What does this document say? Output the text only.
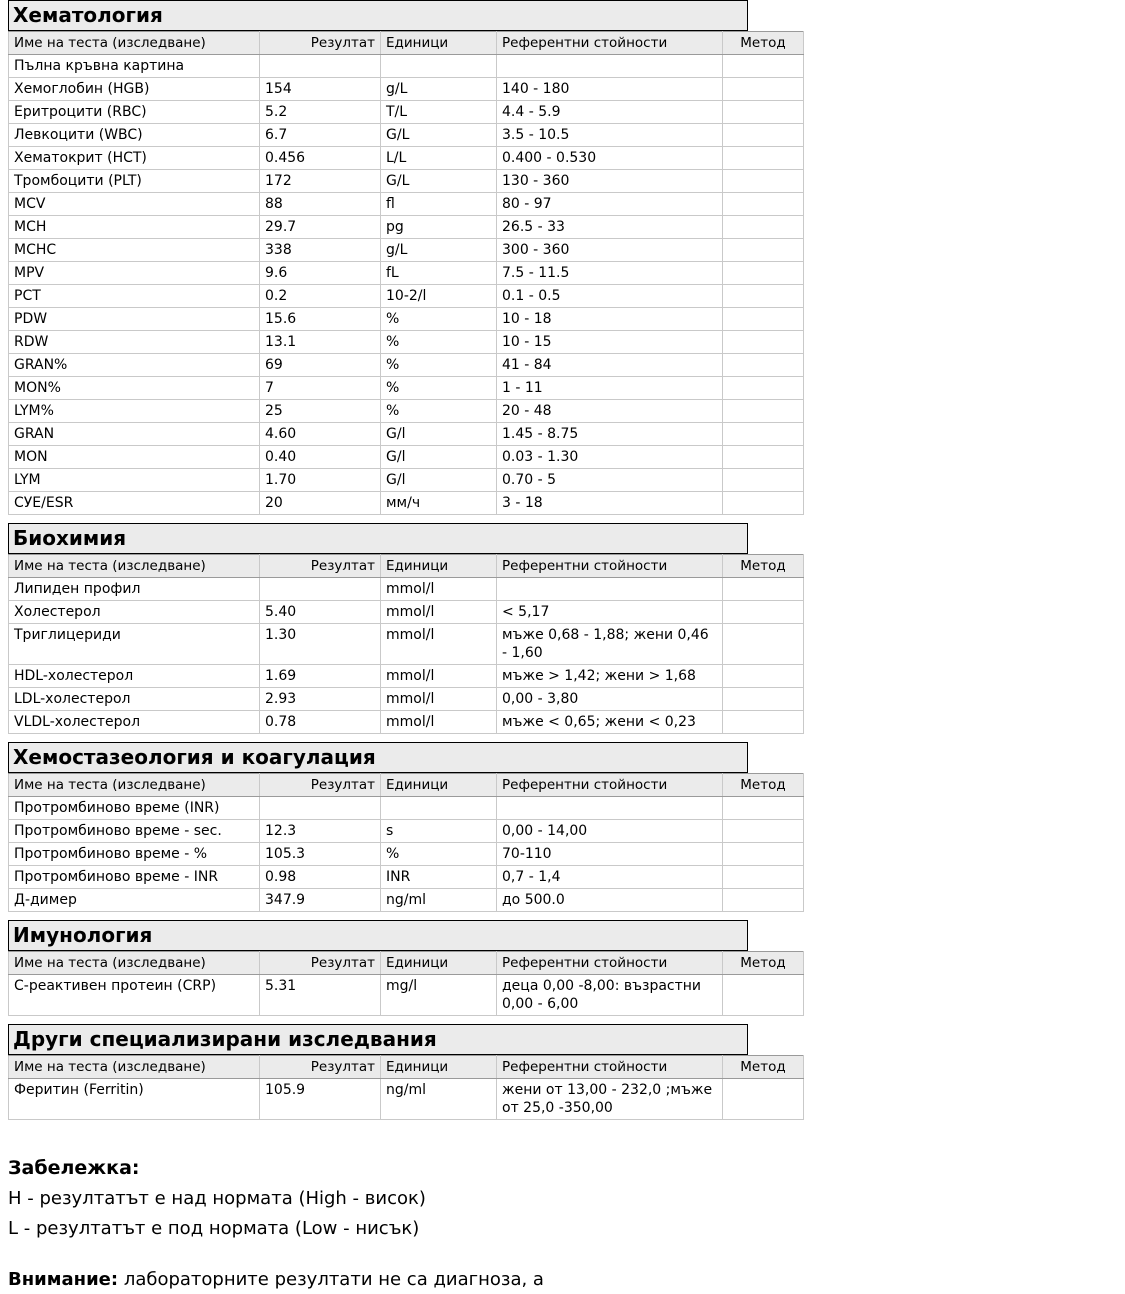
Хематология
Име на теста (изследване)	Резултат	Единици	Референтни стойности	Метод
Пълна кръвна картина				
Хемоглобин (HGB)	154	g/L	140 - 180	
Еритроцити (RBC)	5.2	T/L	4.4 - 5.9	
Левкоцити (WBC)	6.7	G/L	3.5 - 10.5	
Хематокрит (HCT)	0.456	L/L	0.400 - 0.530	
Тромбоцити (PLT)	172	G/L	130 - 360	
MCV	88	fl	80 - 97	
MCH	29.7	pg	26.5 - 33	
MCHC	338	g/L	300 - 360	
MPV	9.6	fL	7.5 - 11.5	
PCT	0.2	10-2/l	0.1 - 0.5	
PDW	15.6	%	10 - 18	
RDW	13.1	%	10 - 15	
GRAN%	69	%	41 - 84	
MON%	7	%	1 - 11	
LYM%	25	%	20 - 48	
GRAN	4.60	G/l	1.45 - 8.75	
MON	0.40	G/l	0.03 - 1.30	
LYM	1.70	G/l	0.70 - 5	
СУЕ/ESR	20	мм/ч	3 - 18	
Биохимия
Име на теста (изследване)	Резултат	Единици	Референтни стойности	Метод
Липиден профил		mmol/l		
Холестерол	5.40	mmol/l	< 5,17	
Триглицериди	1.30	mmol/l	мъже 0,68 - 1,88; жени 0,46 - 1,60	
HDL-холестерол	1.69	mmol/l	мъже > 1,42; жени > 1,68	
LDL-холестерол	2.93	mmol/l	0,00 - 3,80	
VLDL-холестерол	0.78	mmol/l	мъже < 0,65; жени < 0,23	
Хемостазеология и коагулация
Име на теста (изследване)	Резултат	Единици	Референтни стойности	Метод
Протромбиново време (INR)				
Протромбиново време - sec.	12.3	s	0,00 - 14,00	
Протромбиново време - %	105.3	%	70-110	
Протромбиново време - INR	0.98	INR	0,7 - 1,4	
Д-димер	347.9	ng/ml	до 500.0	
Имунология
Име на теста (изследване)	Резултат	Единици	Референтни стойности	Метод
С-реактивен протеин (CRP)	5.31	mg/l	деца 0,00 -8,00: възрастни 0,00 - 6,00	
Други специализирани изследвания
Име на теста (изследване)	Резултат	Единици	Референтни стойности	Метод
Феритин (Ferritin)	105.9	ng/ml	жени от 13,00 - 232,0 ;мъже от 25,0 -350,00	
Забележка:
H - резултатът е над нормата (High - висок)
L - резултатът е под нормата (Low - нисък)
Внимание: лабораторните резултати не са диагноза, а
